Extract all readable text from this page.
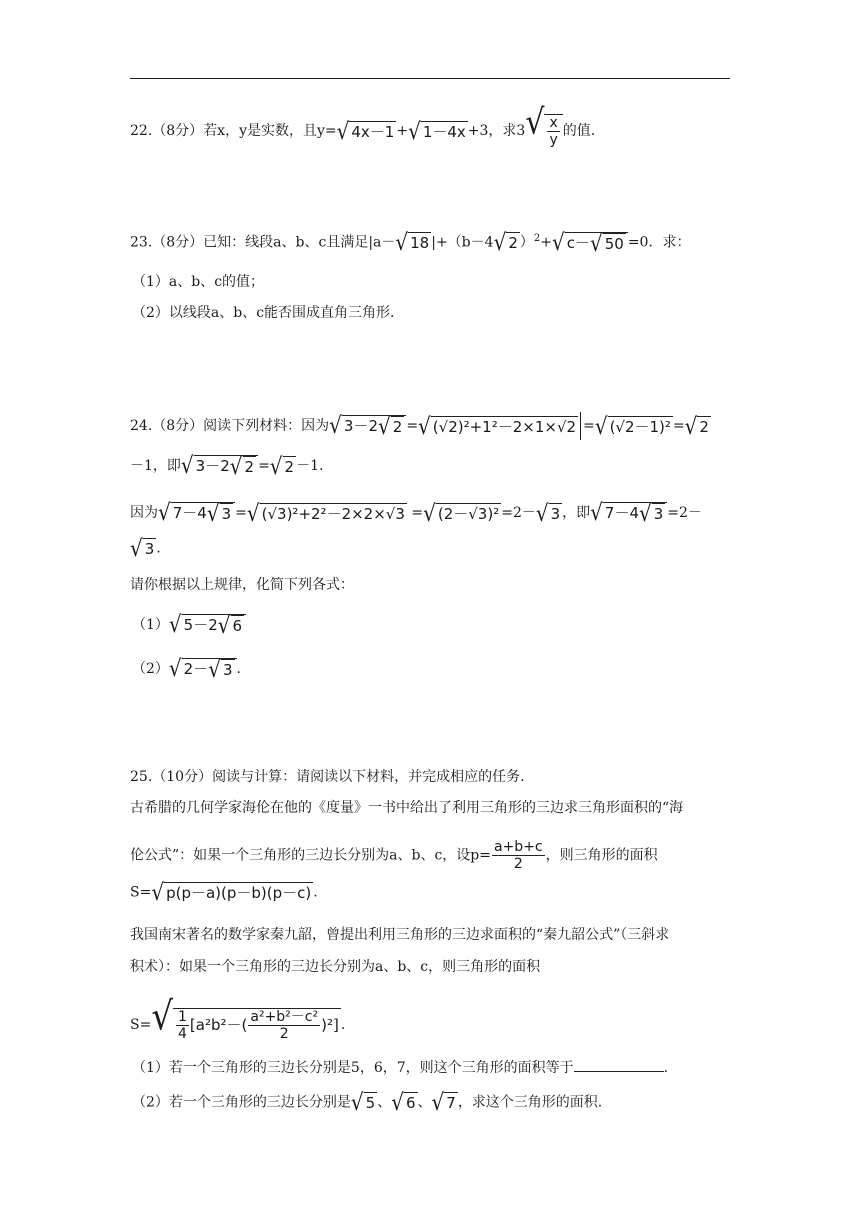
22.（8分）若x，y是实数，且y= √ 4x－1 + √ 1－4x +3，求3 √ $\frac{x}{y}$ 的值.
23.（8分）已知：线段a、b、c且满足|a－ √ 18 |+（b－4 √ 2 ）$^2$+ √ c－ √ 50 =0．求：
（1）a、b、c的值；
（2）以线段a、b、c能否围成直角三角形.
24.（8分）阅读下列材料：因为 √ 3－2 √ 2 = √ (√2)²+1²－2×1×√2 = √ (√2－1)² = √ 2
－1，即 √ 3－2 √ 2 = √ 2 －1.
因为 √ 7－4 √ 3 = √ (√3)²+2²－2×2×√3 = √ (2－√3)² =2－ √ 3 ，即 √ 7－4 √ 3 =2－
√ 3 .
请你根据以上规律，化简下列各式：
（1） √ 5－2 √ 6
（2） √ 2－ √ 3 .
25.（10分）阅读与计算：请阅读以下材料，并完成相应的任务.
古希腊的几何学家海伦在他的《度量》一书中给出了利用三角形的三边求三角形面积的“海
伦公式”：如果一个三角形的三边长分别为a、b、c，设$p= \frac{a+b+c}{2}$ ，则三角形的面积
S= √ p(p－a)(p－b)(p－c) .
我国南宋著名的数学家秦九韶，曾提出利用三角形的三边求面积的“秦九韶公式”（三斜求
积术）：如果一个三角形的三边长分别为a、b、c，则三角形的面积
S= √ $\frac{1}{4} [a^2b^2-( \frac{\text{a²+b²－c²}}{2} )^2]$ .
（1）若一个三角形的三边长分别是5，6，7，则这个三角形的面积等于	.
（2）若一个三角形的三边长分别是 √ 5 、 √ 6 、 √ 7 ，求这个三角形的面积.
